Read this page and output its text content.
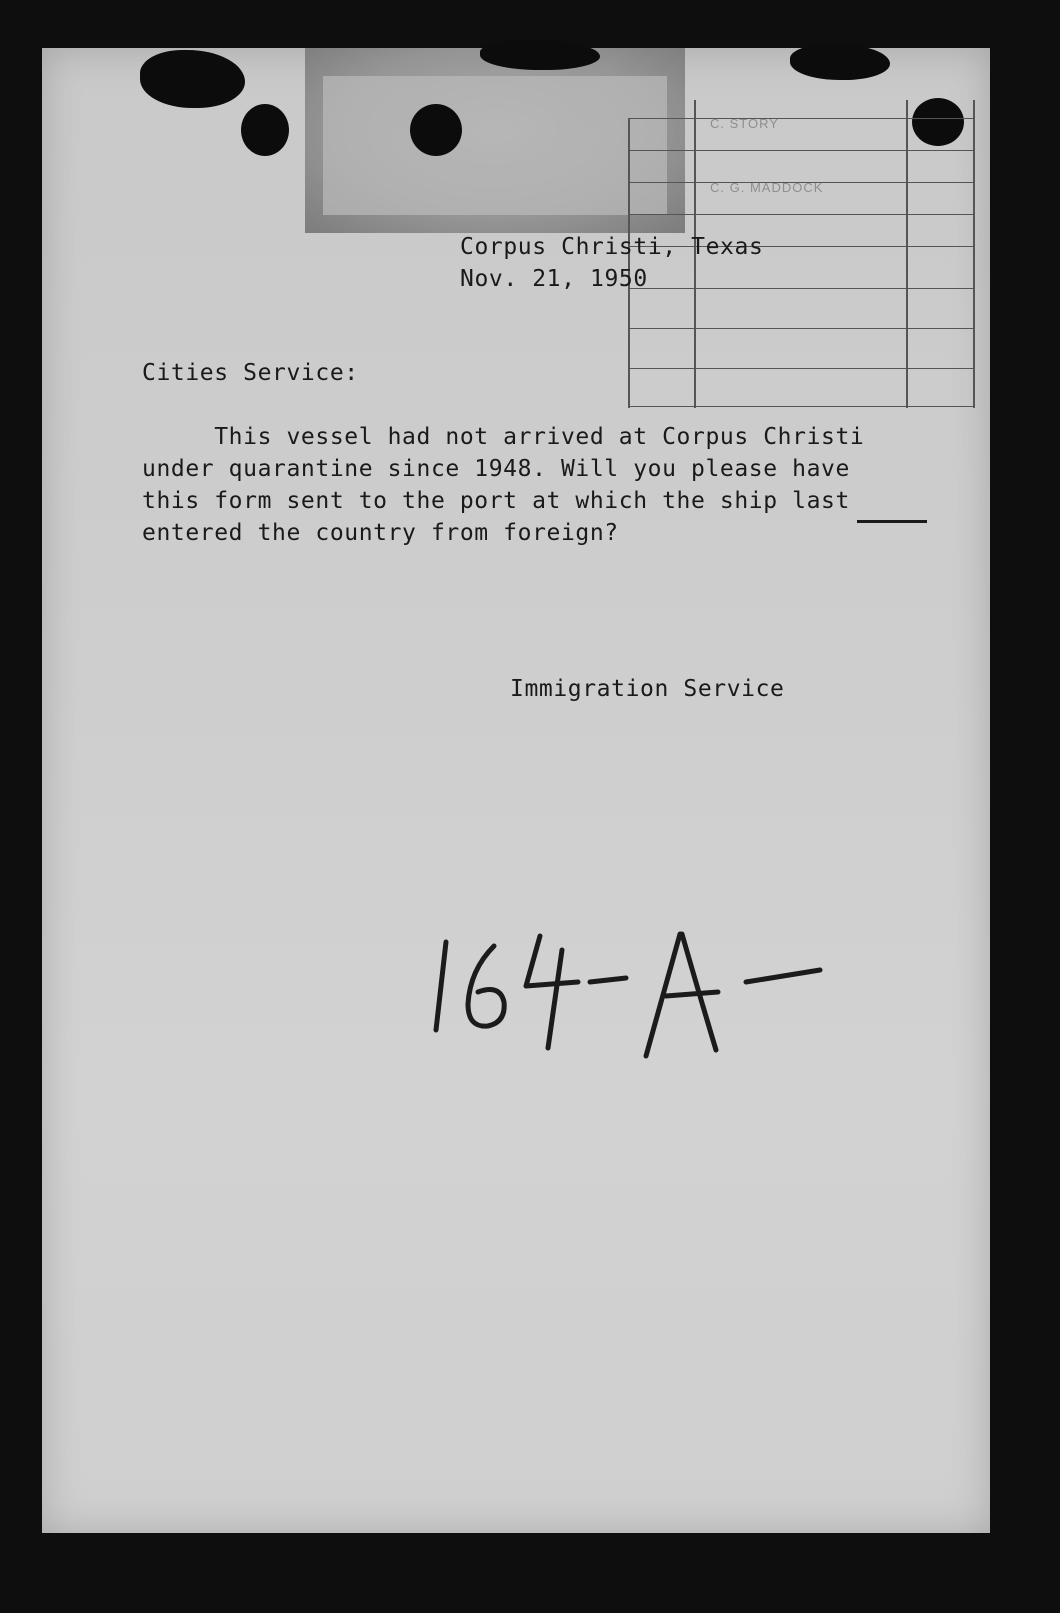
C. STORY
C. G. MADDOCK
Corpus Christi, Texas
Nov. 21, 1950
Cities Service:
This vessel had not arrived at Corpus Christi
under quarantine since 1948. Will you please have
this form sent to the port at which the ship last
entered the country from foreign?
Immigration Service
